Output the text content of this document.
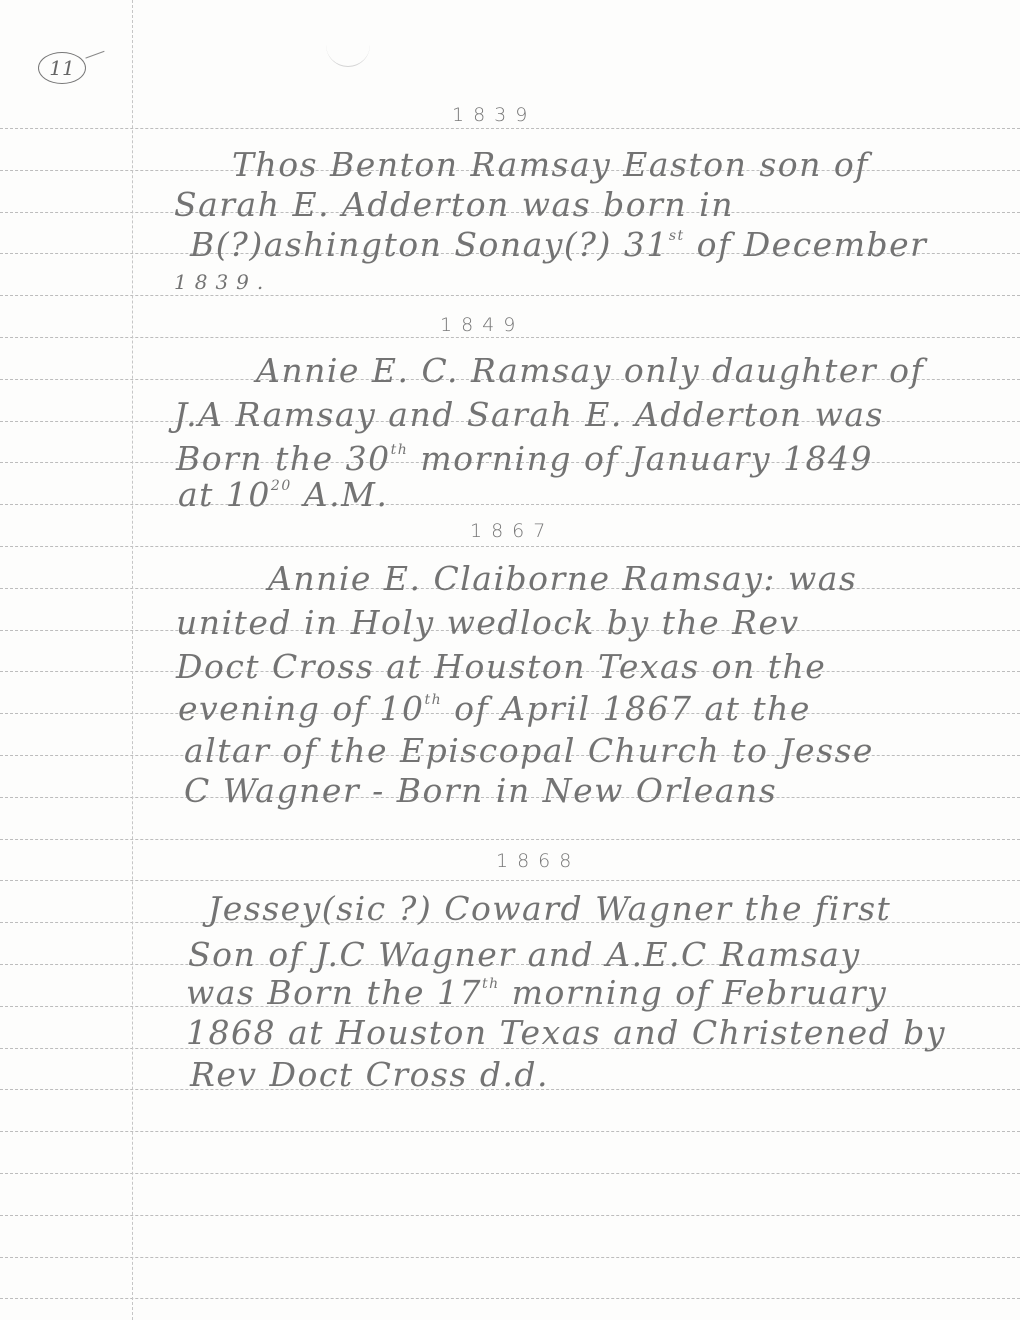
11
1839
Thos Benton Ramsay Easton son of
Sarah E. Adderton was born in
B(?)ashington Sonay(?) 31st of December
1839.
1849
Annie E. C. Ramsay only daughter of
J.A Ramsay and Sarah E. Adderton was
Born the 30th morning of January 1849
at $10^{20}$ A.M.
1867
Annie E. Claiborne Ramsay: was
united in Holy wedlock by the Rev
Doct Cross at Houston Texas on the
evening of 10th of April 1867 at the
altar of the Episcopal Church to Jesse
C Wagner - Born in New Orleans
1868
Jessey(sic ?) Coward Wagner the first
Son of J.C Wagner and A.E.C Ramsay
was Born the 17th morning of February
1868 at Houston Texas and Christened by
Rev Doct Cross d.d.
